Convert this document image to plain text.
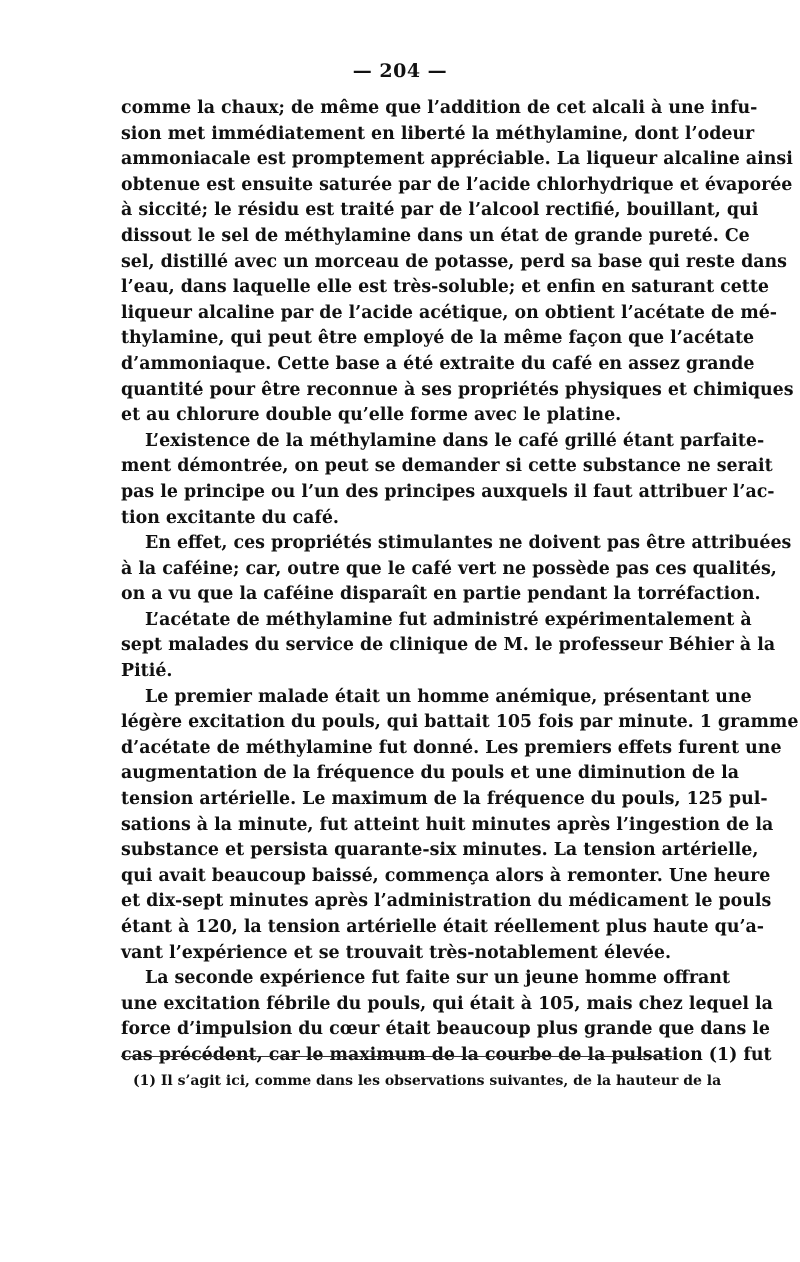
— 204 —
comme la chaux; de même que l’addition de cet alcali à une infu-
sion met immédiatement en liberté la méthylamine, dont l’odeur
ammoniacale est promptement appréciable. La liqueur alcaline ainsi
obtenue est ensuite saturée par de l’acide chlorhydrique et évaporée
à siccité; le résidu est traité par de l’alcool rectifié, bouillant, qui
dissout le sel de méthylamine dans un état de grande pureté. Ce
sel, distillé avec un morceau de potasse, perd sa base qui reste dans
l’eau, dans laquelle elle est très-soluble; et enfin en saturant cette
liqueur alcaline par de l’acide acétique, on obtient l’acétate de mé-
thylamine, qui peut être employé de la même façon que l’acétate
d’ammoniaque. Cette base a été extraite du café en assez grande
quantité pour être reconnue à ses propriétés physiques et chimiques
et au chlorure double qu’elle forme avec le platine.
L’existence de la méthylamine dans le café grillé étant parfaite-
ment démontrée, on peut se demander si cette substance ne serait
pas le principe ou l’un des principes auxquels il faut attribuer l’ac-
tion excitante du café.
En effet, ces propriétés stimulantes ne doivent pas être attribuées
à la caféine; car, outre que le café vert ne possède pas ces qualités,
on a vu que la caféine disparaît en partie pendant la torréfaction.
L’acétate de méthylamine fut administré expérimentalement à
sept malades du service de clinique de M. le professeur Béhier à la
Pitié.
Le premier malade était un homme anémique, présentant une
légère excitation du pouls, qui battait 105 fois par minute. 1 gramme
d’acétate de méthylamine fut donné. Les premiers effets furent une
augmentation de la fréquence du pouls et une diminution de la
tension artérielle. Le maximum de la fréquence du pouls, 125 pul-
sations à la minute, fut atteint huit minutes après l’ingestion de la
substance et persista quarante-six minutes. La tension artérielle,
qui avait beaucoup baissé, commença alors à remonter. Une heure
et dix-sept minutes après l’administration du médicament le pouls
étant à 120, la tension artérielle était réellement plus haute qu’a-
vant l’expérience et se trouvait très-notablement élevée.
La seconde expérience fut faite sur un jeune homme offrant
une excitation fébrile du pouls, qui était à 105, mais chez lequel la
force d’impulsion du cœur était beaucoup plus grande que dans le
cas précédent, car le maximum de la courbe de la pulsation (1) fut
(1) Il s’agit ici, comme dans les observations suivantes, de la hauteur de la
